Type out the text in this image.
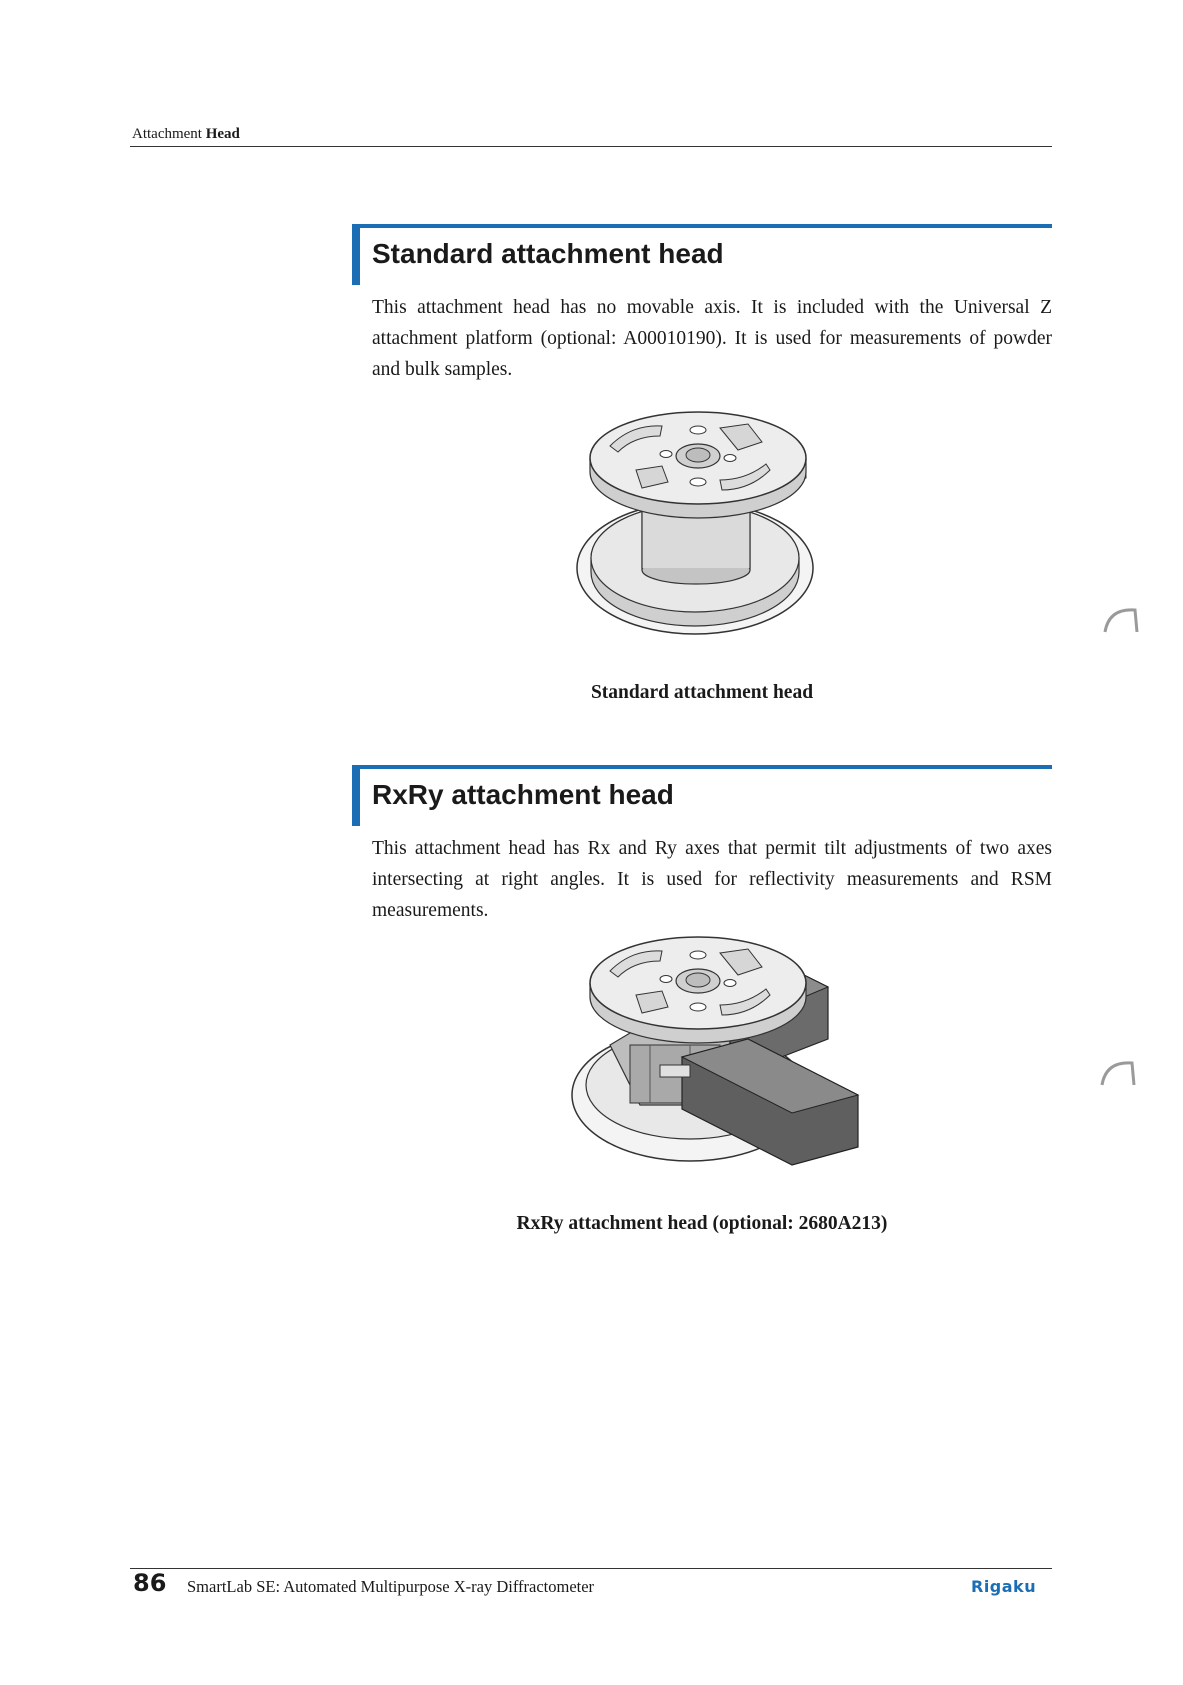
Attachment Head
Standard attachment head

This attachment head has no movable axis. It is included with the Universal Z attachment platform (optional: A00010190). It is used for measurements of powder and bulk samples.

Standard attachment head
RxRy attachment head

This attachment head has Rx and Ry axes that permit tilt adjustments of two axes intersecting at right angles. It is used for reflectivity measurements and RSM measurements.

RxRy attachment head (optional: 2680A213)
86 SmartLab SE: Automated Multipurpose X-ray Diffractometer	Rigaku
